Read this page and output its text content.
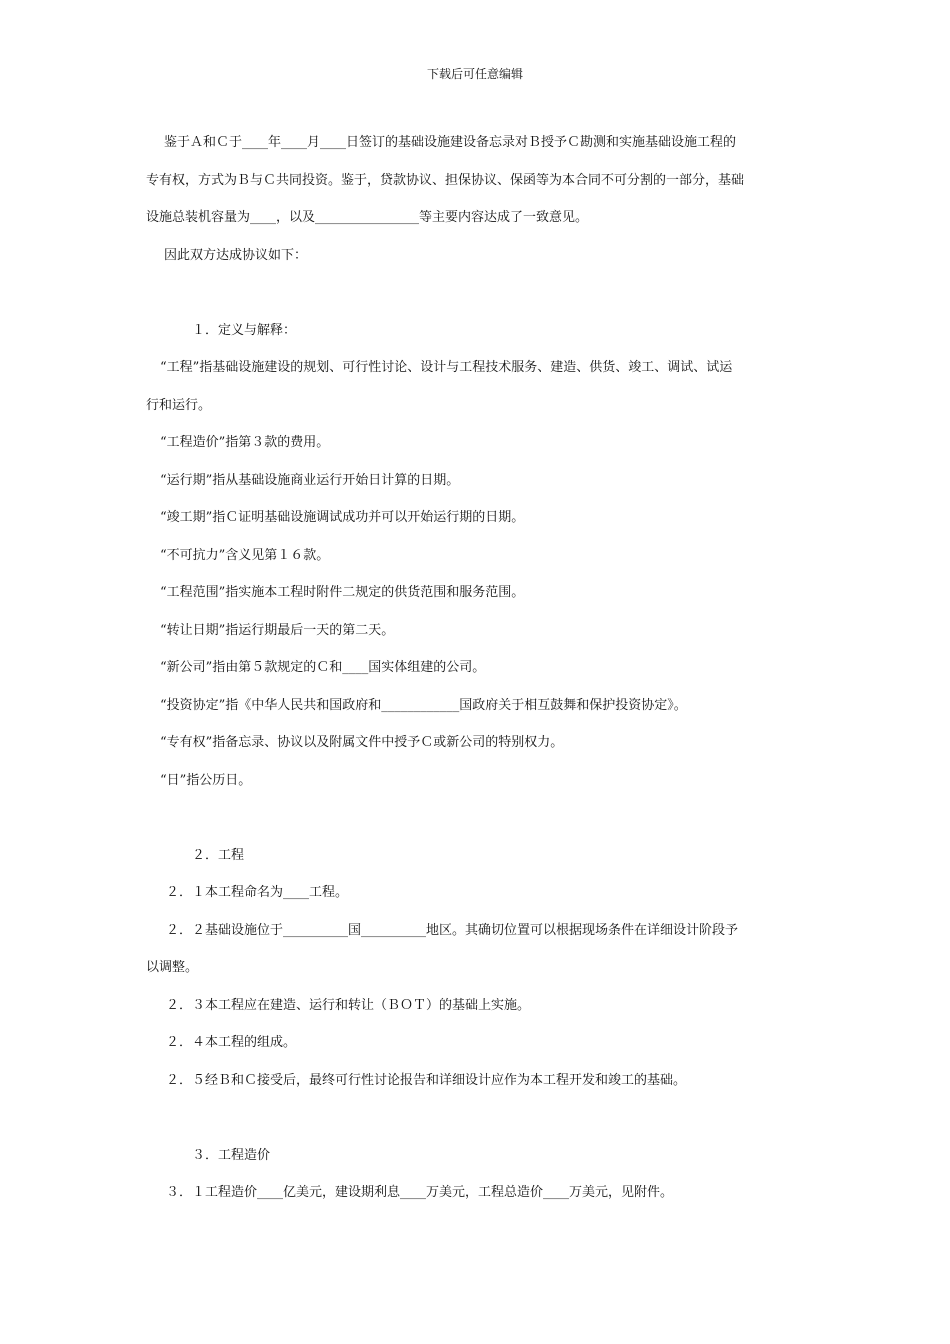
下载后可任意编辑

鉴于Ａ和Ｃ于____年____月____日签订的基础设施建设备忘录对Ｂ授予Ｃ勘测和实施基础设施工程的

专有权，方式为Ｂ与Ｃ共同投资。鉴于，贷款协议、担保协议、保函等为本合同不可分割的一部分，基础

设施总装机容量为____，以及________________等主要内容达成了一致意见。

因此双方达成协议如下：

１．定义与解释：

“工程”指基础设施建设的规划、可行性讨论、设计与工程技术服务、建造、供货、竣工、调试、试运

行和运行。

“工程造价”指第３款的费用。

“运行期”指从基础设施商业运行开始日计算的日期。

“竣工期”指Ｃ证明基础设施调试成功并可以开始运行期的日期。

“不可抗力”含义见第１６款。

“工程范围”指实施本工程时附件二规定的供货范围和服务范围。

“转让日期”指运行期最后一天的第二天。

“新公司”指由第５款规定的Ｃ和____国实体组建的公司。

“投资协定”指《中华人民共和国政府和____________国政府关于相互鼓舞和保护投资协定》。

“专有权”指备忘录、协议以及附属文件中授予Ｃ或新公司的特别权力。

“日”指公历日。

２．工程

２．１本工程命名为____工程。

２．２基础设施位于__________国__________地区。其确切位置可以根据现场条件在详细设计阶段予

以调整。

２．３本工程应在建造、运行和转让（ＢＯＴ）的基础上实施。

２．４本工程的组成。

２．５经Ｂ和Ｃ接受后，最终可行性讨论报告和详细设计应作为本工程开发和竣工的基础。

３．工程造价

３．１工程造价____亿美元，建设期利息____万美元，工程总造价____万美元，见附件。
